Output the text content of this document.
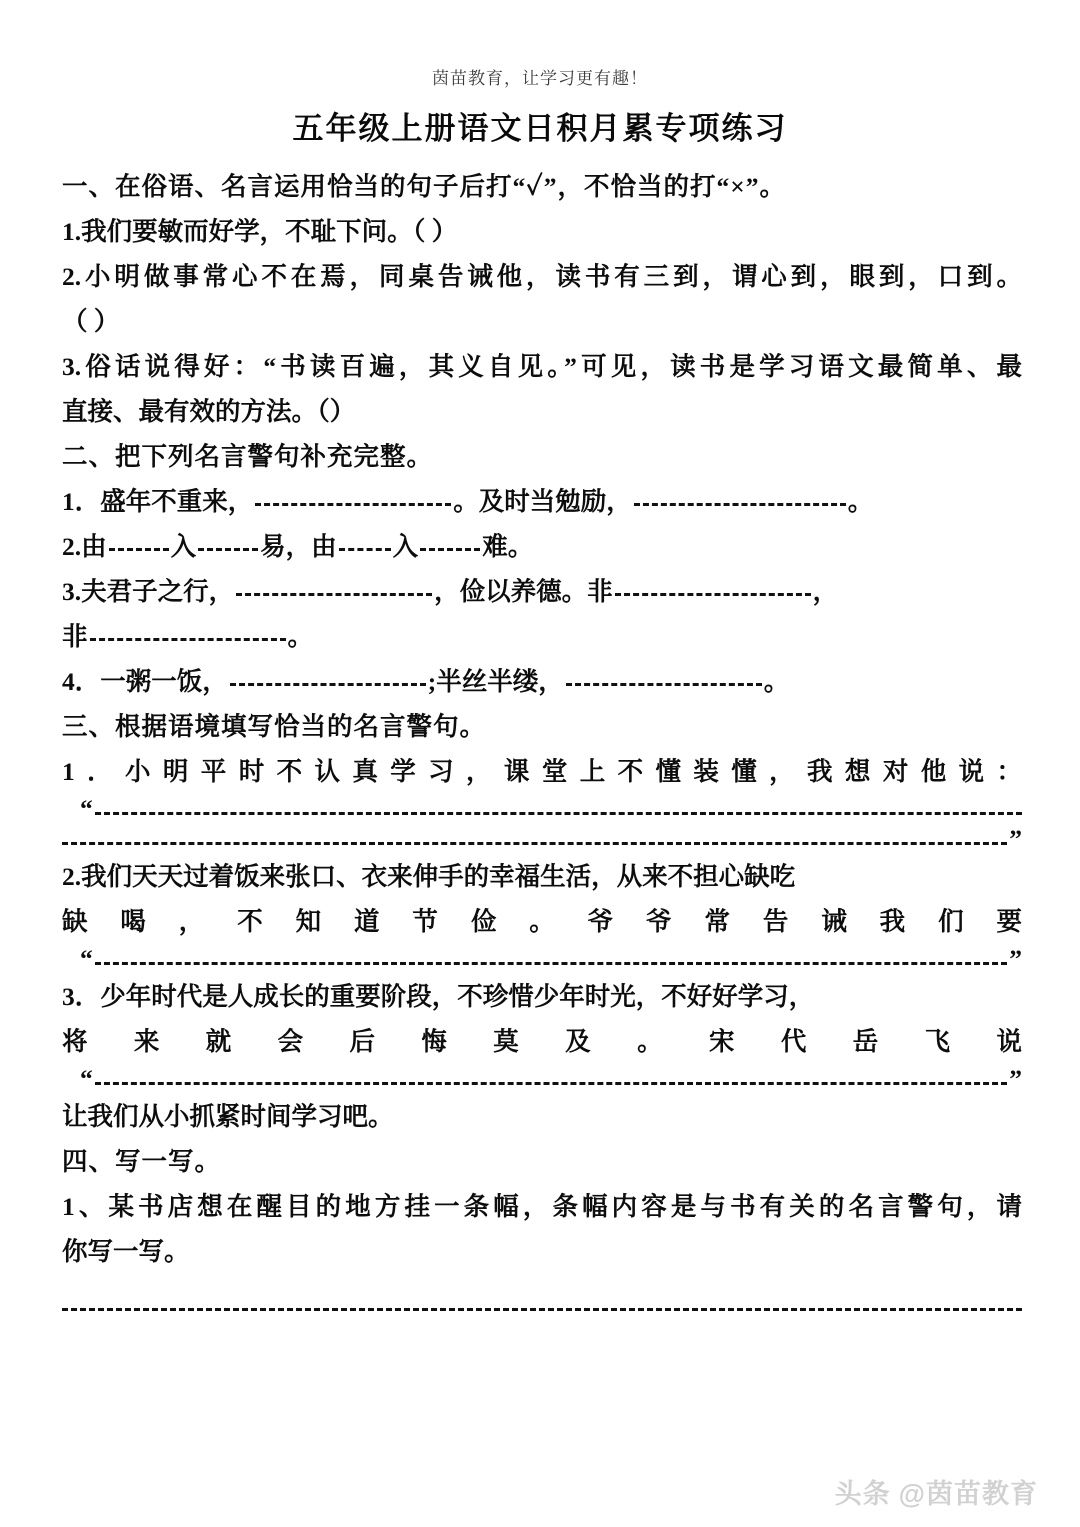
茵苗教育，让学习更有趣！
五年级上册语文日积月累专项练习
一、在俗语、名言运用恰当的句子后打“✓”，不恰当的打“×”。
1.我们要敏而好学，不耻下问。（ ）
2.小明做事常心不在焉，同桌告诫他，读书有三到，谓心到，眼到，口到。
（ ）
3.俗话说得好：“书读百遍，其义自见。”可见，读书是学习语文最简单、最
直接、最有效的方法。（）
二、把下列名言警句补充完整。
1．盛年不重来，	。及时当勉励，	。
2.由	入	易，由 入	难。
3.夫君子之行，	，俭以养德。非	，
非	。
4．一粥一饭，	;半丝半缕，	。
三、根据语境填写恰当的名言警句。
1．小明平时不认真学习，课堂上不懂装懂，我想对他说：
“
”
2.我们天天过着饭来张口、衣来伸手的幸福生活，从来不担心缺吃
缺喝，不知道节俭。爷爷常告诫我们要
“	”
3．少年时代是人成长的重要阶段，不珍惜少年时光，不好好学习，
将来就会后悔莫及。宋代岳飞说
“	”
让我们从小抓紧时间学习吧。
四、写一写。
1、某书店想在醒目的地方挂一条幅，条幅内容是与书有关的名言警句，请
你写一写。
头条 @茵苗教育
